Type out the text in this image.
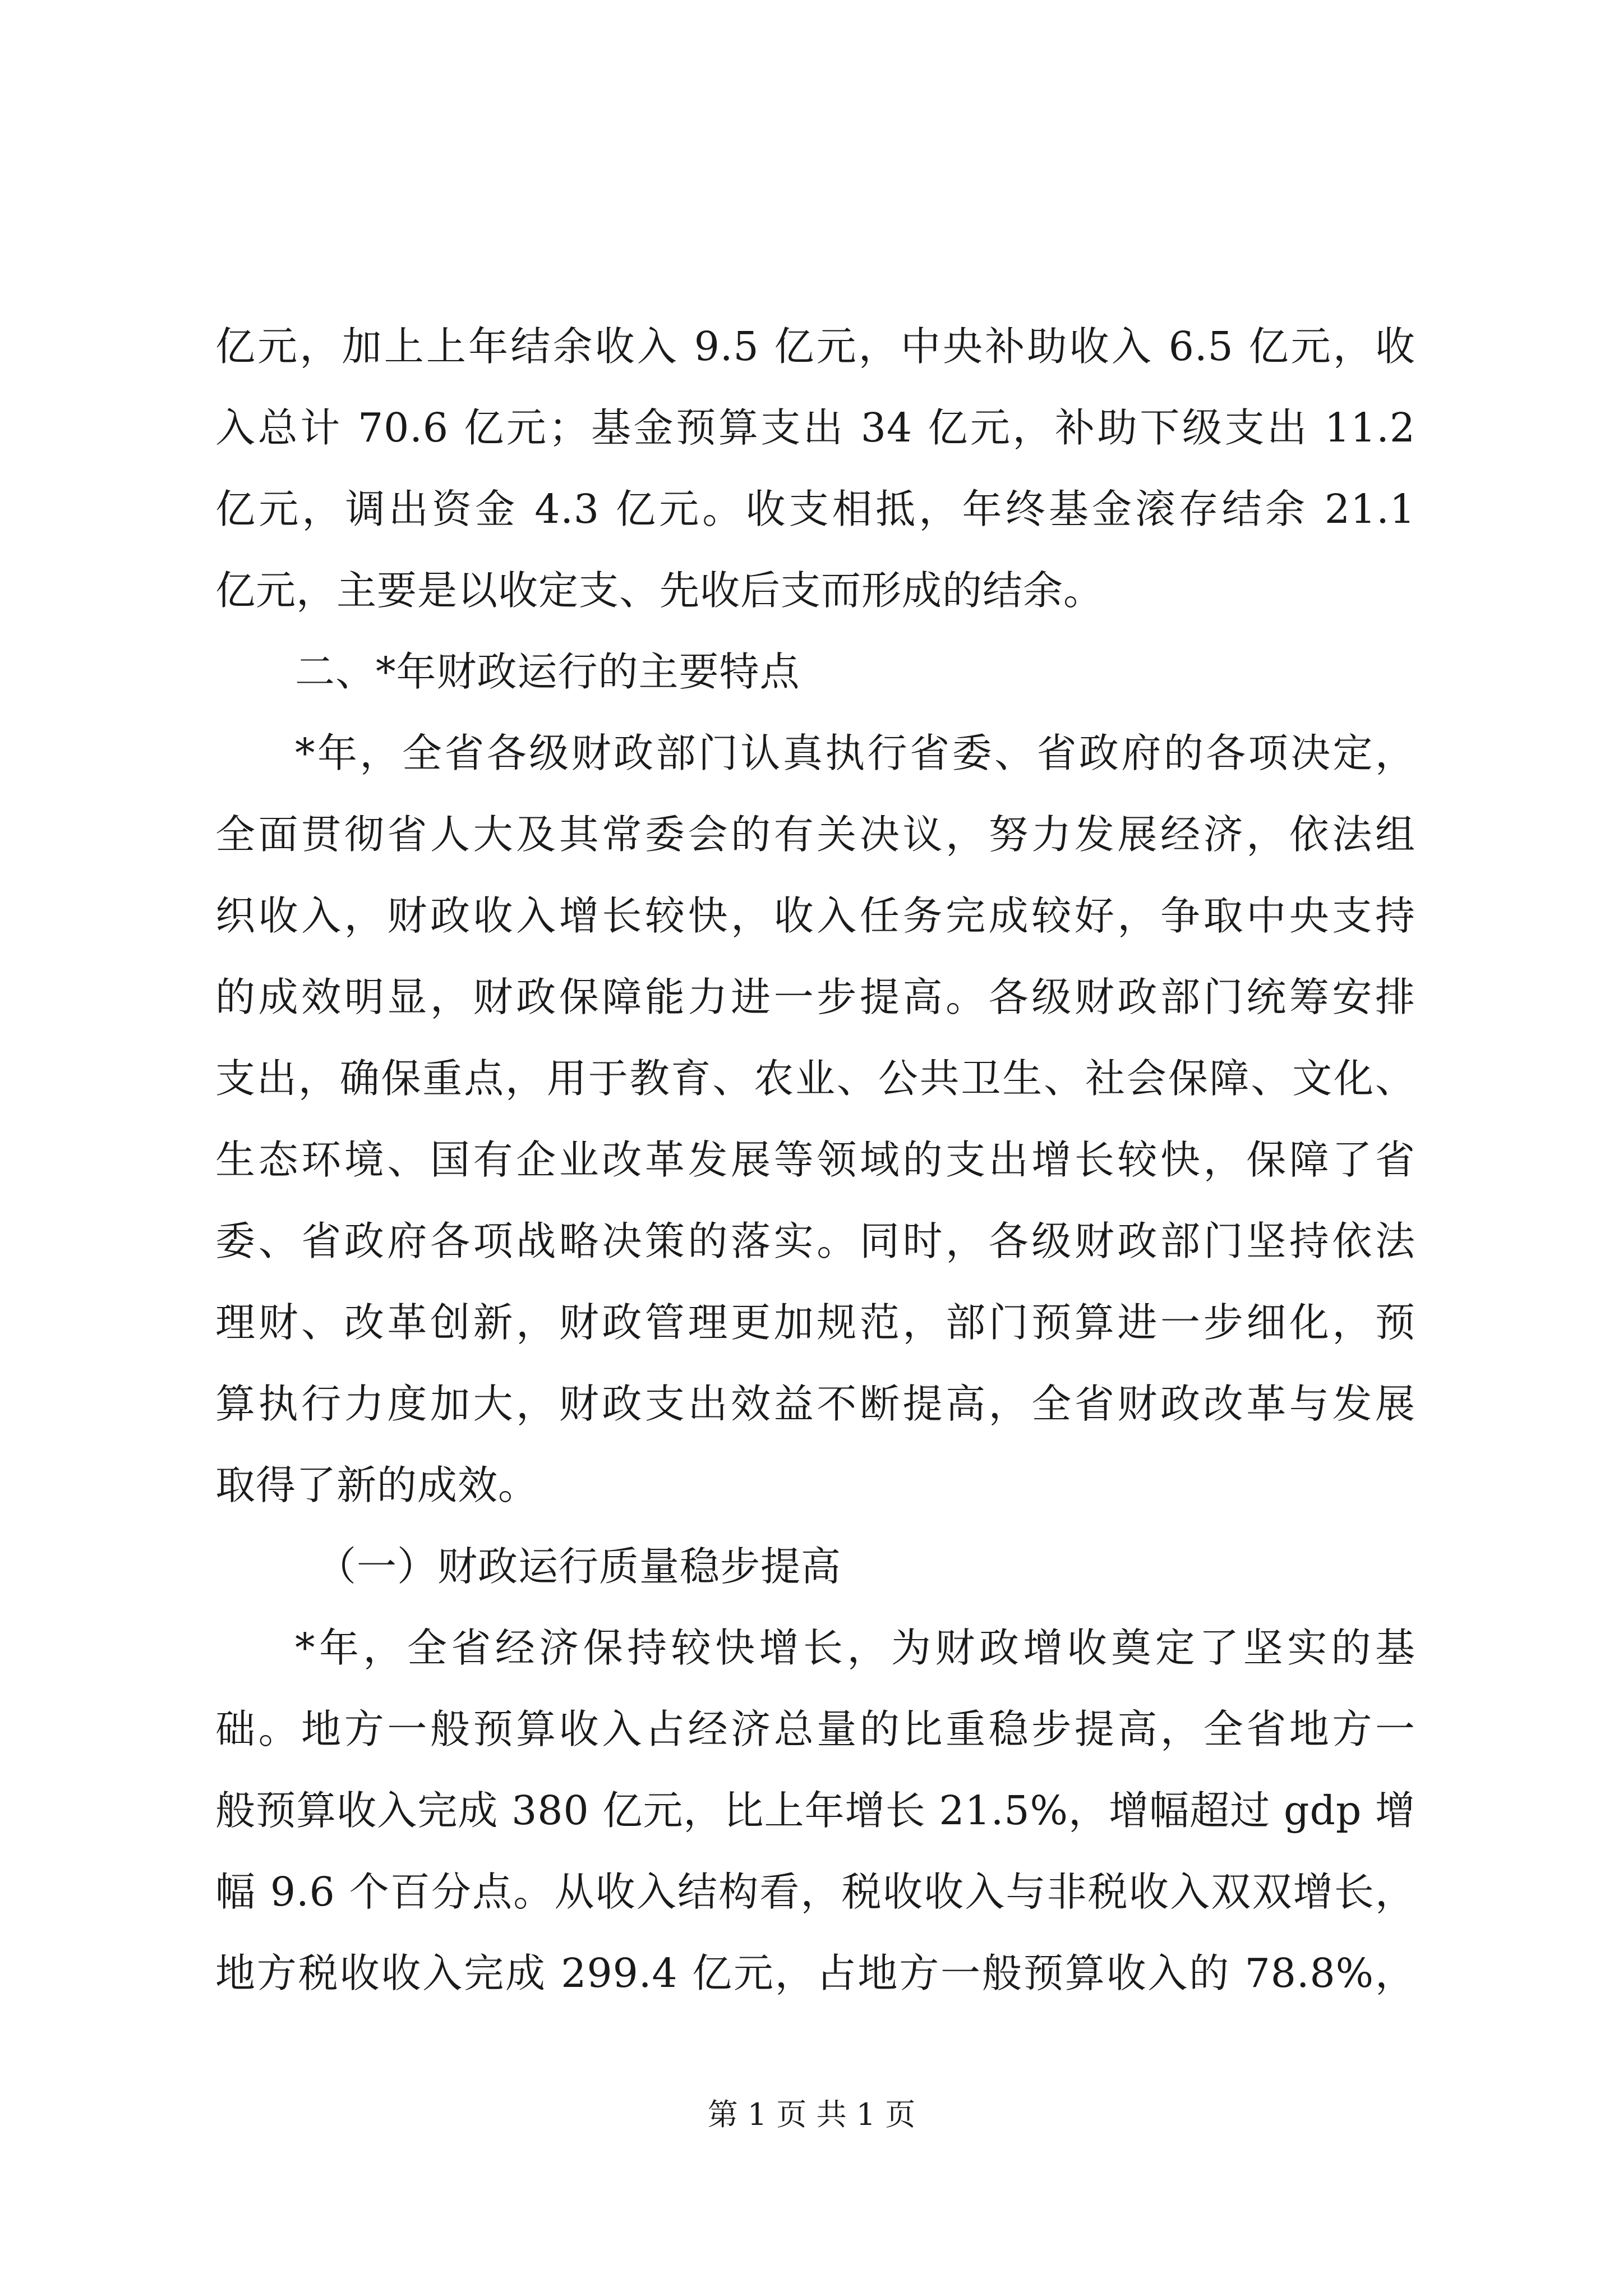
亿元，加上上年结余收入 9.5 亿元，中央补助收入 6.5 亿元，收
入总计 70.6 亿元；基金预算支出 34 亿元，补助下级支出 11.2
亿元，调出资金 4.3 亿元。收支相抵，年终基金滚存结余 21.1
亿元，主要是以收定支、先收后支而形成的结余。
二、*年财政运行的主要特点
*年，全省各级财政部门认真执行省委、省政府的各项决定，
全面贯彻省人大及其常委会的有关决议，努力发展经济，依法组
织收入，财政收入增长较快，收入任务完成较好，争取中央支持
的成效明显，财政保障能力进一步提高。各级财政部门统筹安排
支出，确保重点，用于教育、农业、公共卫生、社会保障、文化、
生态环境、国有企业改革发展等领域的支出增长较快，保障了省
委、省政府各项战略决策的落实。同时，各级财政部门坚持依法
理财、改革创新，财政管理更加规范，部门预算进一步细化，预
算执行力度加大，财政支出效益不断提高，全省财政改革与发展
取得了新的成效。
（一）财政运行质量稳步提高
*年，全省经济保持较快增长，为财政增收奠定了坚实的基
础。地方一般预算收入占经济总量的比重稳步提高，全省地方一
般预算收入完成 380 亿元，比上年增长 21.5%，增幅超过 gdp 增
幅 9.6 个百分点。从收入结构看，税收收入与非税收入双双增长，
地方税收收入完成 299.4 亿元，占地方一般预算收入的 78.8%，
第 1 页 共 1 页
